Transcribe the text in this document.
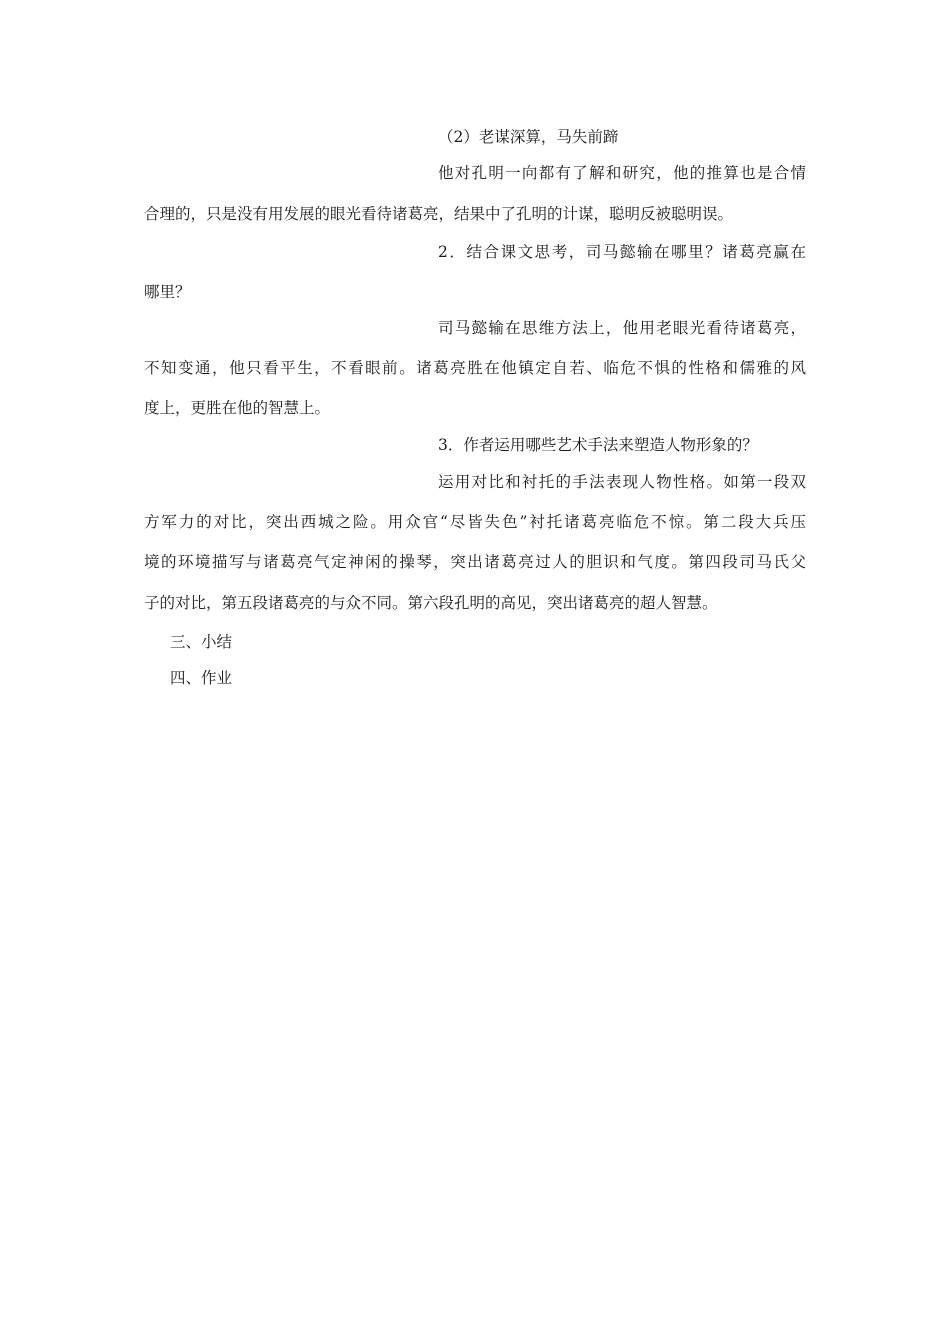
（2）老谋深算，马失前蹄
他对孔明一向都有了解和研究，他的推算也是合情
合理的，只是没有用发展的眼光看待诸葛亮，结果中了孔明的计谋，聪明反被聪明误。
2．结合课文思考，司马懿输在哪里？诸葛亮赢在
哪里？
司马懿输在思维方法上，他用老眼光看待诸葛亮，
不知变通，他只看平生，不看眼前。诸葛亮胜在他镇定自若、临危不惧的性格和儒雅的风
度上，更胜在他的智慧上。
3．作者运用哪些艺术手法来塑造人物形象的？
运用对比和衬托的手法表现人物性格。如第一段双
方军力的对比，突出西城之险。用众官“尽皆失色”衬托诸葛亮临危不惊。第二段大兵压
境的环境描写与诸葛亮气定神闲的操琴，突出诸葛亮过人的胆识和气度。第四段司马氏父
子的对比，第五段诸葛亮的与众不同。第六段孔明的高见，突出诸葛亮的超人智慧。
三、小结
四、作业
